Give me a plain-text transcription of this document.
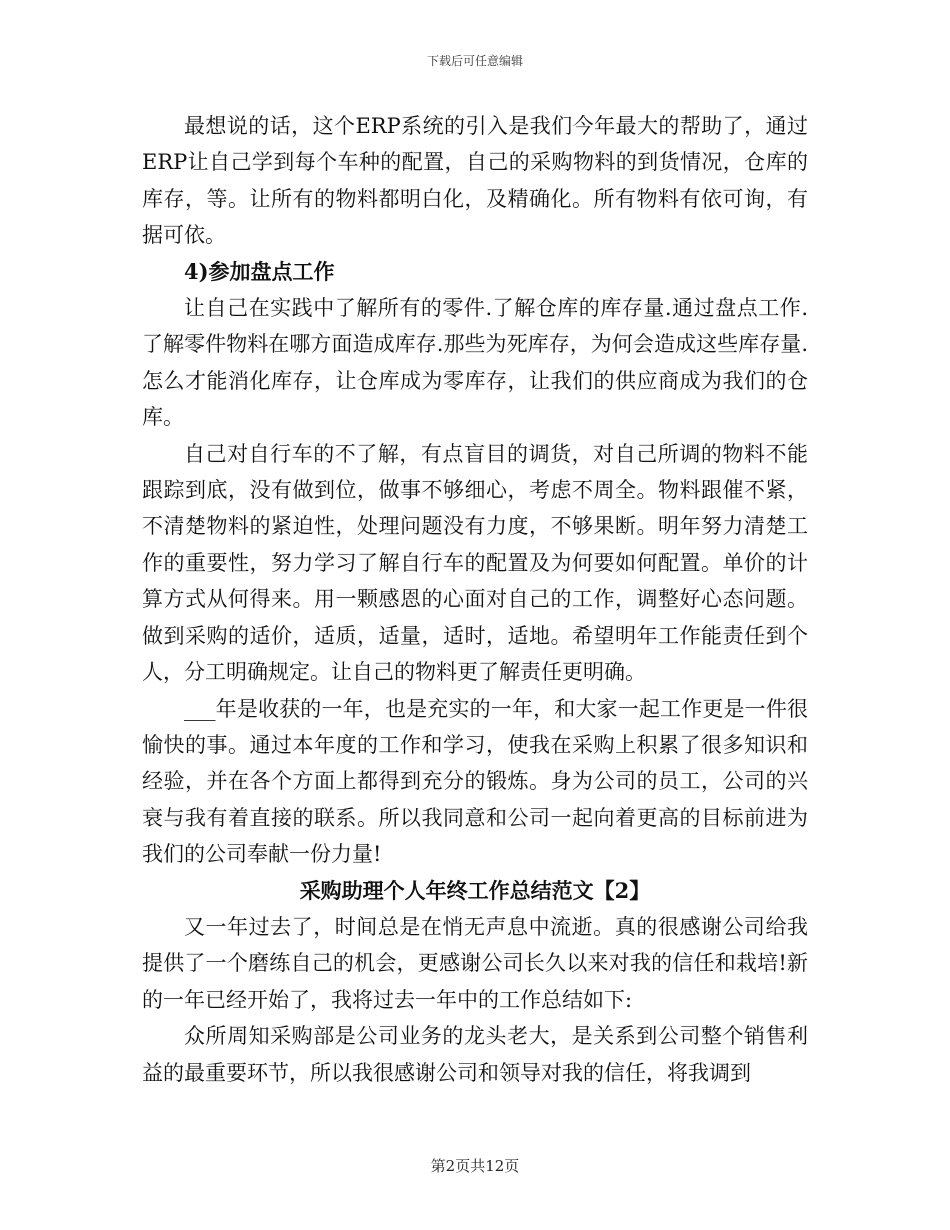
下载后可任意编辑

最想说的话，这个ERP系统的引入是我们今年最大的帮助了，通过ERP让自己学到每个车种的配置，自己的采购物料的到货情况，仓库的库存，等。让所有的物料都明白化，及精确化。所有物料有依可询，有据可依。

4)参加盘点工作

让自己在实践中了解所有的零件.了解仓库的库存量.通过盘点工作.了解零件物料在哪方面造成库存.那些为死库存，为何会造成这些库存量.怎么才能消化库存，让仓库成为零库存，让我们的供应商成为我们的仓库。

自己对自行车的不了解，有点盲目的调货，对自己所调的物料不能跟踪到底，没有做到位，做事不够细心，考虑不周全。物料跟催不紧，不清楚物料的紧迫性，处理问题没有力度，不够果断。明年努力清楚工作的重要性，努力学习了解自行车的配置及为何要如何配置。单价的计算方式从何得来。用一颗感恩的心面对自己的工作，调整好心态问题。做到采购的适价，适质，适量，适时，适地。希望明年工作能责任到个人，分工明确规定。让自己的物料更了解责任更明确。

___年是收获的一年，也是充实的一年，和大家一起工作更是一件很愉快的事。通过本年度的工作和学习，使我在采购上积累了很多知识和经验，并在各个方面上都得到充分的锻炼。身为公司的员工，公司的兴衰与我有着直接的联系。所以我同意和公司一起向着更高的目标前进为我们的公司奉献一份力量!

采购助理个人年终工作总结范文【2】

又一年过去了，时间总是在悄无声息中流逝。真的很感谢公司给我提供了一个磨练自己的机会，更感谢公司长久以来对我的信任和栽培!新的一年已经开始了，我将过去一年中的工作总结如下:

众所周知采购部是公司业务的龙头老大，是关系到公司整个销售利益的最重要环节，所以我很感谢公司和领导对我的信任，将我调到

第2页共12页
